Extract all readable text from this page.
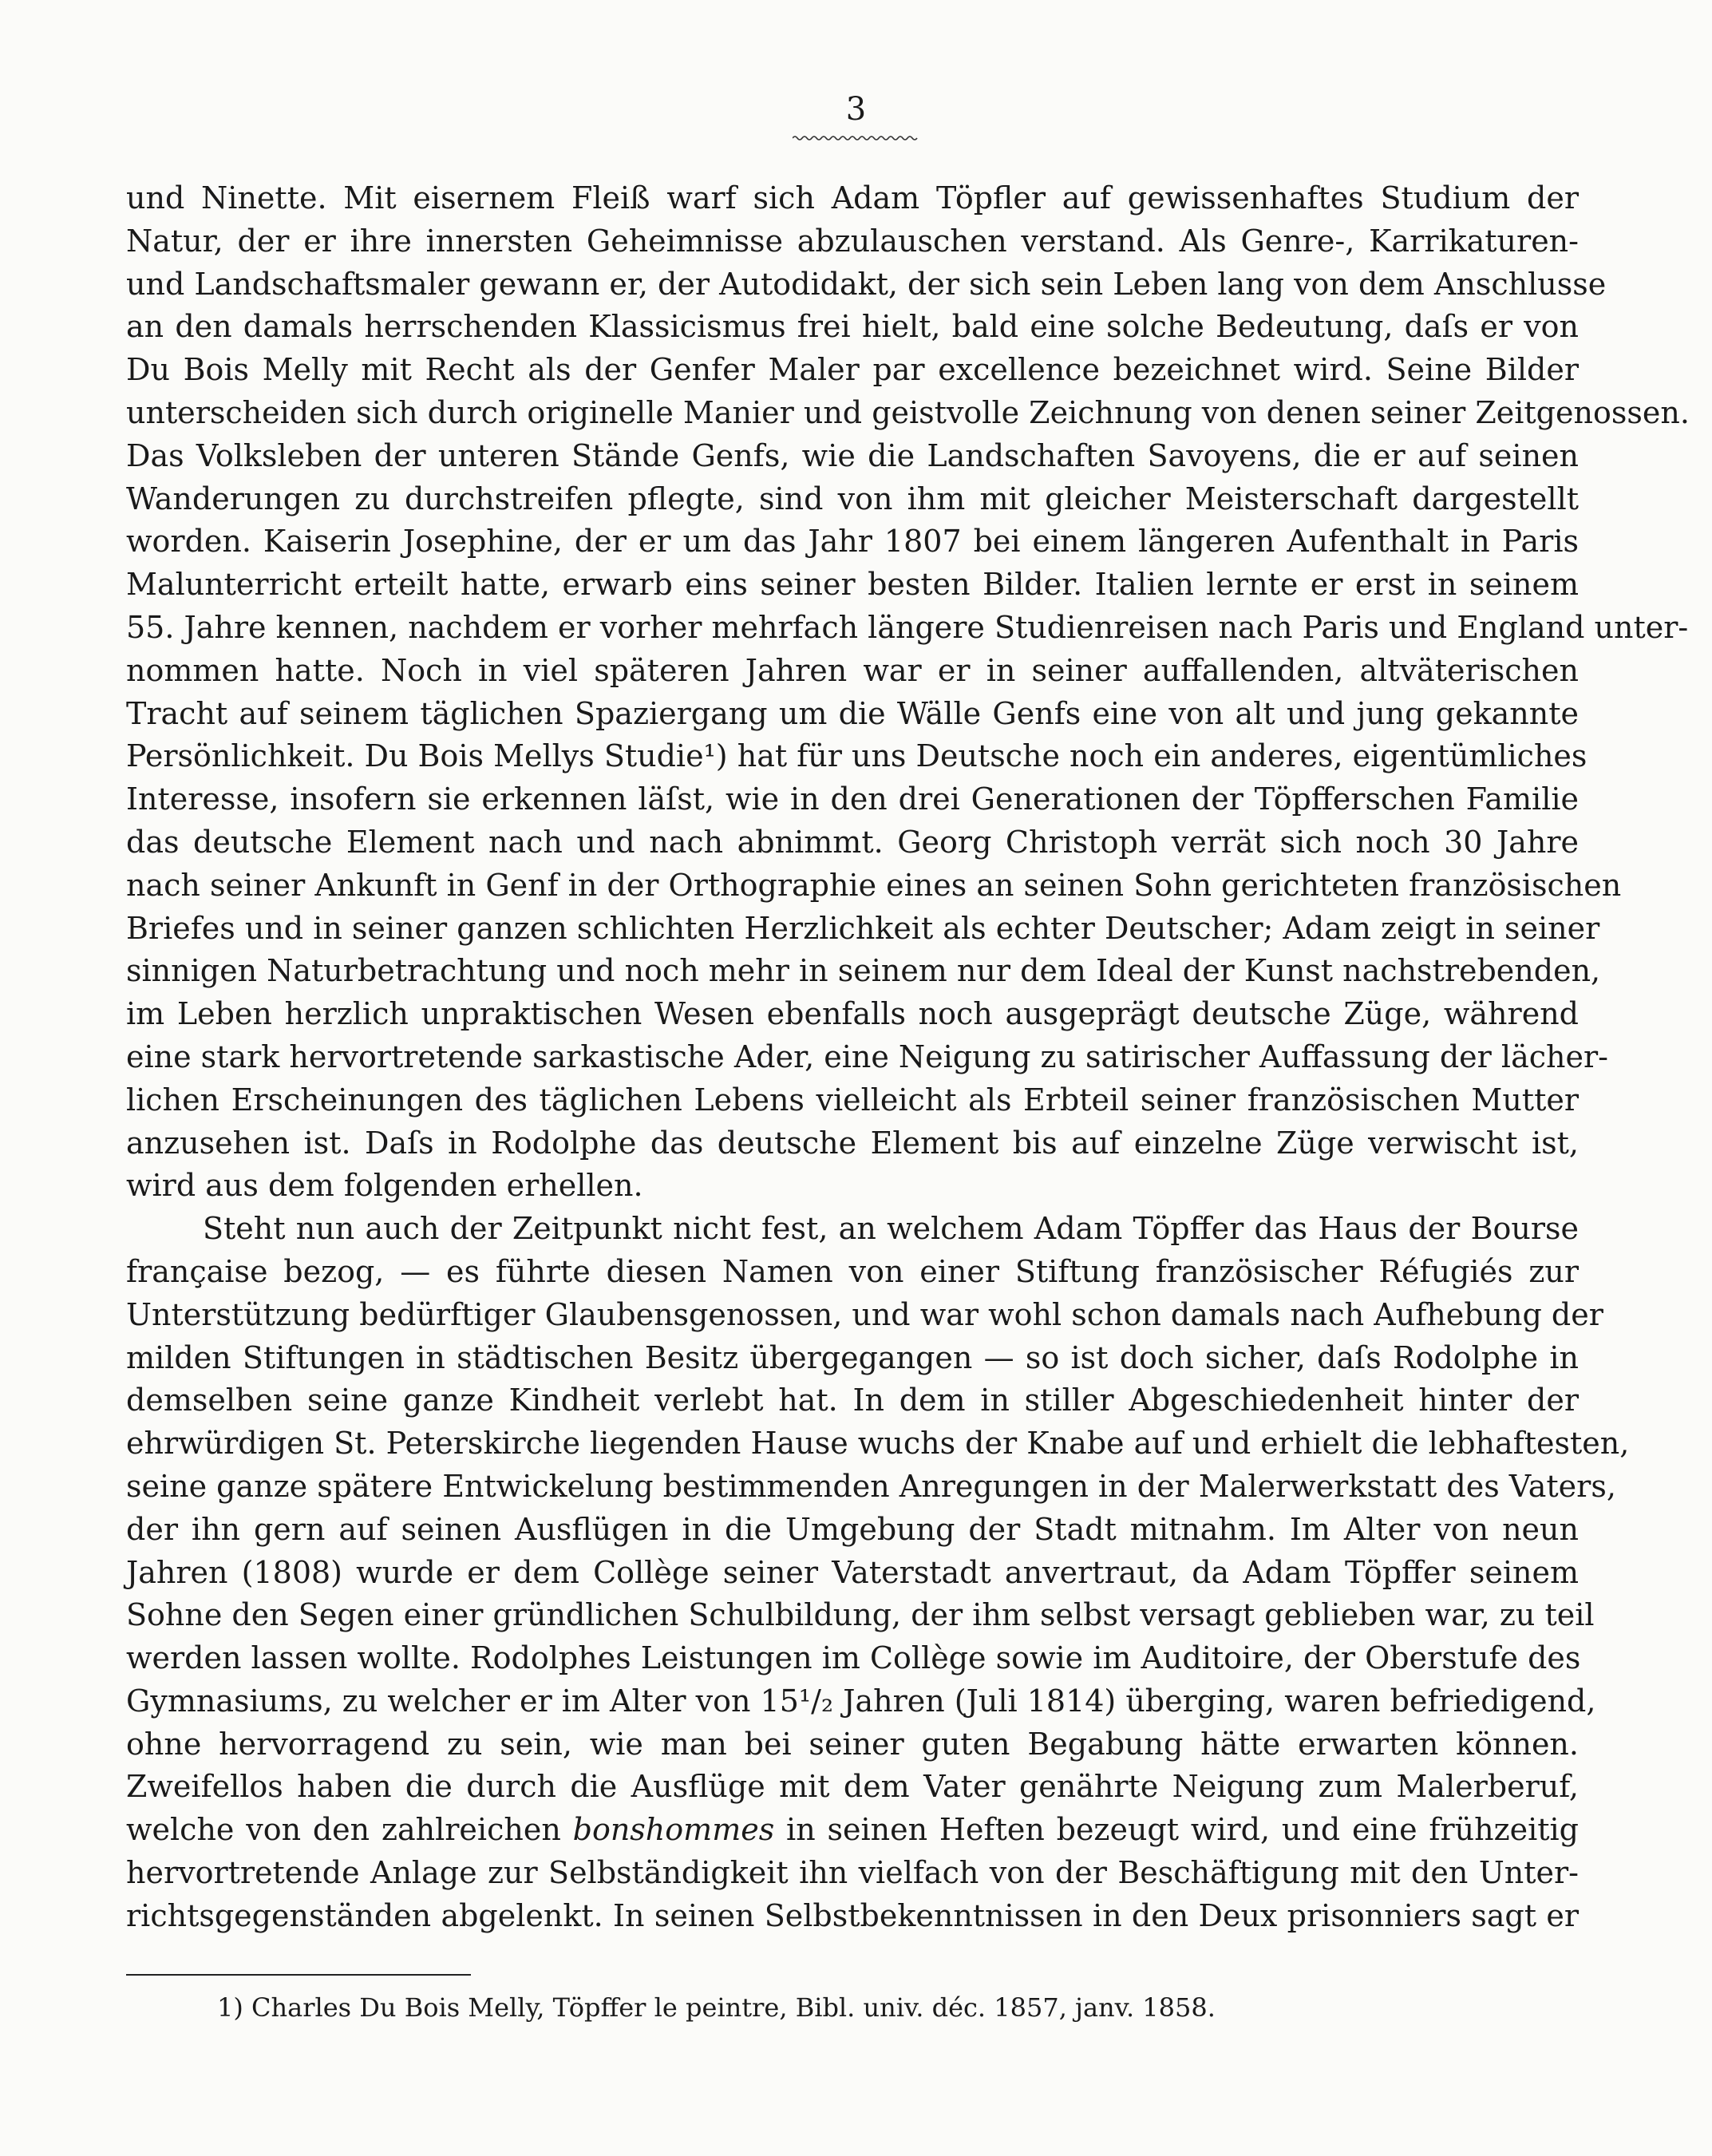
3
und Ninette. Mit eisernem Fleiß warf sich Adam Töpfler auf gewissenhaftes Studium der
Natur, der er ihre innersten Geheimnisse abzulauschen verstand. Als Genre-, Karrikaturen-
und Landschaftsmaler gewann er, der Autodidakt, der sich sein Leben lang von dem Anschlusse
an den damals herrschenden Klassicismus frei hielt, bald eine solche Bedeutung, daſs er von
Du Bois Melly mit Recht als der Genfer Maler par excellence bezeichnet wird. Seine Bilder
unterscheiden sich durch originelle Manier und geistvolle Zeichnung von denen seiner Zeitgenossen.
Das Volksleben der unteren Stände Genfs, wie die Landschaften Savoyens, die er auf seinen
Wanderungen zu durchstreifen pflegte, sind von ihm mit gleicher Meisterschaft dargestellt
worden. Kaiserin Josephine, der er um das Jahr 1807 bei einem längeren Aufenthalt in Paris
Malunterricht erteilt hatte, erwarb eins seiner besten Bilder. Italien lernte er erst in seinem
55. Jahre kennen, nachdem er vorher mehrfach längere Studienreisen nach Paris und England unter-
nommen hatte. Noch in viel späteren Jahren war er in seiner auffallenden, altväterischen
Tracht auf seinem täglichen Spaziergang um die Wälle Genfs eine von alt und jung gekannte
Persönlichkeit. Du Bois Mellys Studie¹) hat für uns Deutsche noch ein anderes, eigentümliches
Interesse, insofern sie erkennen läſst, wie in den drei Generationen der Töpfferschen Familie
das deutsche Element nach und nach abnimmt. Georg Christoph verrät sich noch 30 Jahre
nach seiner Ankunft in Genf in der Orthographie eines an seinen Sohn gerichteten französischen
Briefes und in seiner ganzen schlichten Herzlichkeit als echter Deutscher; Adam zeigt in seiner
sinnigen Naturbetrachtung und noch mehr in seinem nur dem Ideal der Kunst nachstrebenden,
im Leben herzlich unpraktischen Wesen ebenfalls noch ausgeprägt deutsche Züge, während
eine stark hervortretende sarkastische Ader, eine Neigung zu satirischer Auffassung der lächer-
lichen Erscheinungen des täglichen Lebens vielleicht als Erbteil seiner französischen Mutter
anzusehen ist. Daſs in Rodolphe das deutsche Element bis auf einzelne Züge verwischt ist,
wird aus dem folgenden erhellen.
Steht nun auch der Zeitpunkt nicht fest, an welchem Adam Töpffer das Haus der Bourse
française bezog, — es führte diesen Namen von einer Stiftung französischer Réfugiés zur
Unterstützung bedürftiger Glaubensgenossen, und war wohl schon damals nach Aufhebung der
milden Stiftungen in städtischen Besitz übergegangen — so ist doch sicher, daſs Rodolphe in
demselben seine ganze Kindheit verlebt hat. In dem in stiller Abgeschiedenheit hinter der
ehrwürdigen St. Peterskirche liegenden Hause wuchs der Knabe auf und erhielt die lebhaftesten,
seine ganze spätere Entwickelung bestimmenden Anregungen in der Malerwerkstatt des Vaters,
der ihn gern auf seinen Ausflügen in die Umgebung der Stadt mitnahm. Im Alter von neun
Jahren (1808) wurde er dem Collège seiner Vaterstadt anvertraut, da Adam Töpffer seinem
Sohne den Segen einer gründlichen Schulbildung, der ihm selbst versagt geblieben war, zu teil
werden lassen wollte. Rodolphes Leistungen im Collège sowie im Auditoire, der Oberstufe des
Gymnasiums, zu welcher er im Alter von 15¹/₂ Jahren (Juli 1814) überging, waren befriedigend,
ohne hervorragend zu sein, wie man bei seiner guten Begabung hätte erwarten können.
Zweifellos haben die durch die Ausflüge mit dem Vater genährte Neigung zum Malerberuf,
welche von den zahlreichen bonshommes in seinen Heften bezeugt wird, und eine frühzeitig
hervortretende Anlage zur Selbständigkeit ihn vielfach von der Beschäftigung mit den Unter-
richtsgegenständen abgelenkt. In seinen Selbstbekenntnissen in den Deux prisonniers sagt er
1) Charles Du Bois Melly, Töpffer le peintre, Bibl. univ. déc. 1857, janv. 1858.
